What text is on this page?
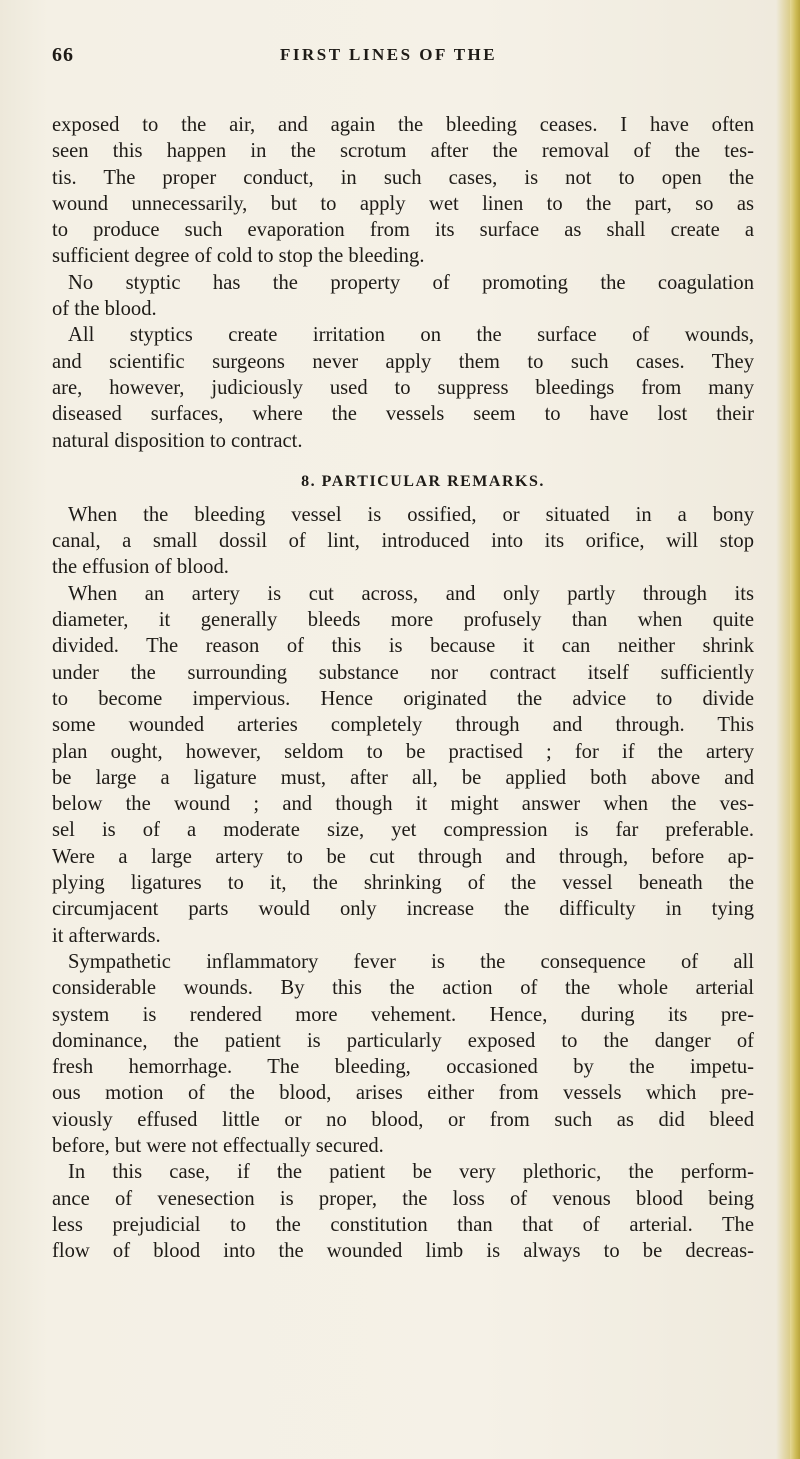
66	FIRST LINES OF THE
exposed to the air, and again the bleeding ceases. I have often
seen this happen in the scrotum after the removal of the tes-
tis. The proper conduct, in such cases, is not to open the
wound unnecessarily, but to apply wet linen to the part, so as
to produce such evaporation from its surface as shall create a
sufficient degree of cold to stop the bleeding.
No styptic has the property of promoting the coagulation
of the blood.
All styptics create irritation on the surface of wounds,
and scientific surgeons never apply them to such cases. They
are, however, judiciously used to suppress bleedings from many
diseased surfaces, where the vessels seem to have lost their
natural disposition to contract.
8. PARTICULAR REMARKS.
When the bleeding vessel is ossified, or situated in a bony
canal, a small dossil of lint, introduced into its orifice, will stop
the effusion of blood.
When an artery is cut across, and only partly through its
diameter, it generally bleeds more profusely than when quite
divided. The reason of this is because it can neither shrink
under the surrounding substance nor contract itself sufficiently
to become impervious. Hence originated the advice to divide
some wounded arteries completely through and through. This
plan ought, however, seldom to be practised ; for if the artery
be large a ligature must, after all, be applied both above and
below the wound ; and though it might answer when the ves-
sel is of a moderate size, yet compression is far preferable.
Were a large artery to be cut through and through, before ap-
plying ligatures to it, the shrinking of the vessel beneath the
circumjacent parts would only increase the difficulty in tying
it afterwards.
Sympathetic inflammatory fever is the consequence of all
considerable wounds. By this the action of the whole arterial
system is rendered more vehement. Hence, during its pre-
dominance, the patient is particularly exposed to the danger of
fresh hemorrhage. The bleeding, occasioned by the impetu-
ous motion of the blood, arises either from vessels which pre-
viously effused little or no blood, or from such as did bleed
before, but were not effectually secured.
In this case, if the patient be very plethoric, the perform-
ance of venesection is proper, the loss of venous blood being
less prejudicial to the constitution than that of arterial. The
flow of blood into the wounded limb is always to be decreas-
